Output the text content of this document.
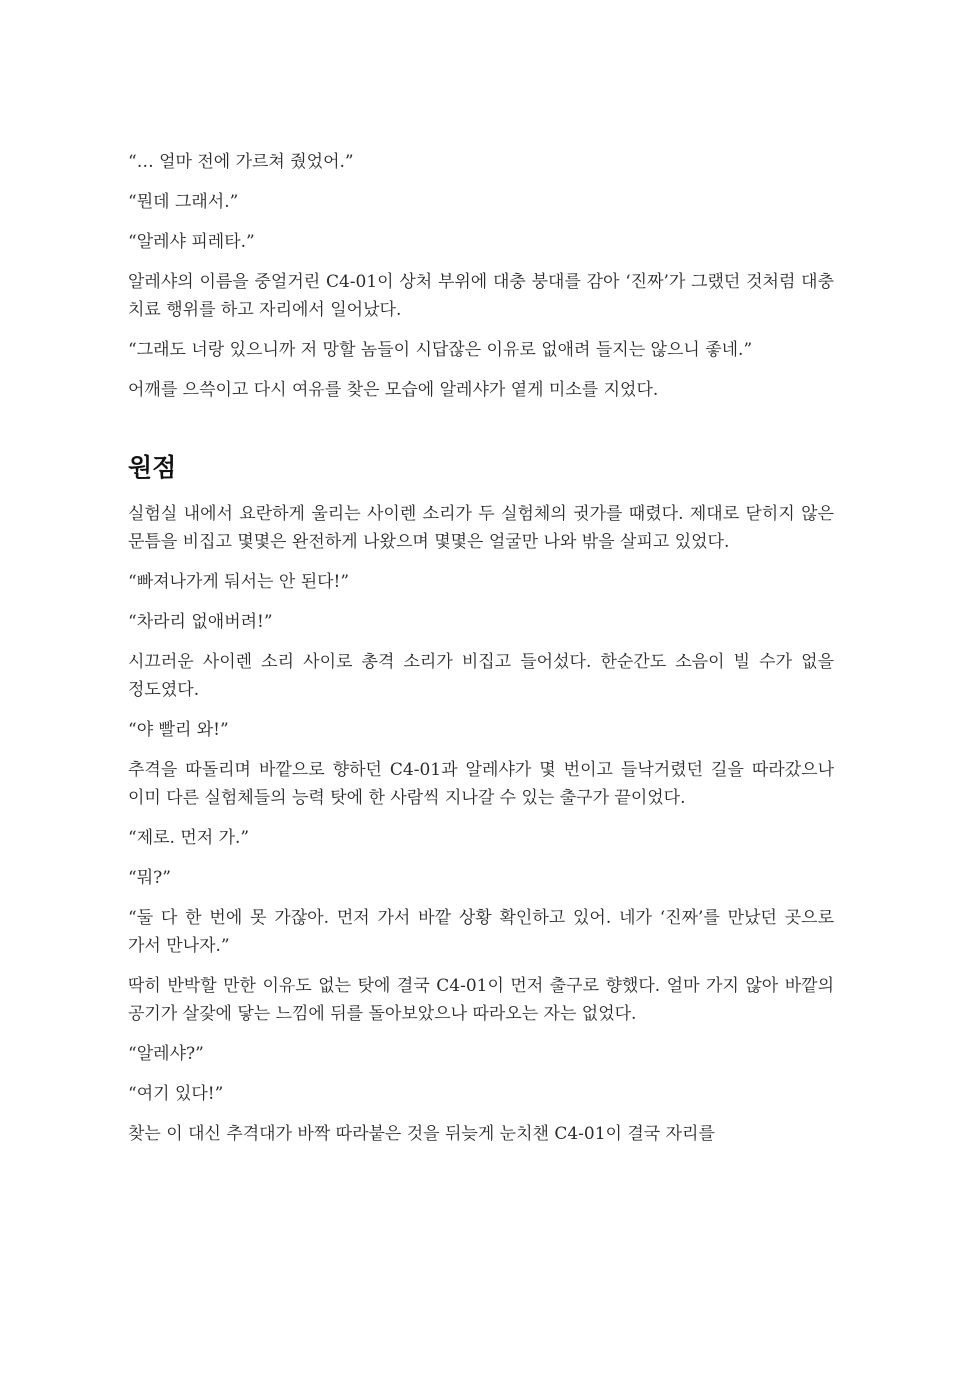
“… 얼마 전에 가르쳐 줬었어.”

“뭔데 그래서.”

“알레샤 피레타.”

알레샤의 이름을 중얼거린 C4-01이 상처 부위에 대충 붕대를 감아 ‘진짜’가 그랬던 것처럼 대충 치료 행위를 하고 자리에서 일어났다.

“그래도 너랑 있으니까 저 망할 놈들이 시답잖은 이유로 없애려 들지는 않으니 좋네.”

어깨를 으쓱이고 다시 여유를 찾은 모습에 알레샤가 옅게 미소를 지었다.

원점

실험실 내에서 요란하게 울리는 사이렌 소리가 두 실험체의 귓가를 때렸다. 제대로 닫히지 않은 문틈을 비집고 몇몇은 완전하게 나왔으며 몇몇은 얼굴만 나와 밖을 살피고 있었다.

“빠져나가게 둬서는 안 된다!”

“차라리 없애버려!”

시끄러운 사이렌 소리 사이로 총격 소리가 비집고 들어섰다. 한순간도 소음이 빌 수가 없을 정도였다.

“야 빨리 와!”

추격을 따돌리며 바깥으로 향하던 C4-01과 알레샤가 몇 번이고 들낙거렸던 길을 따라갔으나 이미 다른 실험체들의 능력 탓에 한 사람씩 지나갈 수 있는 출구가 끝이었다.

“제로. 먼저 가.”

“뭐?”

“둘 다 한 번에 못 가잖아. 먼저 가서 바깥 상황 확인하고 있어. 네가 ‘진짜’를 만났던 곳으로 가서 만나자.”

딱히 반박할 만한 이유도 없는 탓에 결국 C4-01이 먼저 출구로 향했다. 얼마 가지 않아 바깥의 공기가 살갗에 닿는 느낌에 뒤를 돌아보았으나 따라오는 자는 없었다.

“알레샤?”

“여기 있다!”

찾는 이 대신 추격대가 바짝 따라붙은 것을 뒤늦게 눈치챈 C4-01이 결국 자리를
